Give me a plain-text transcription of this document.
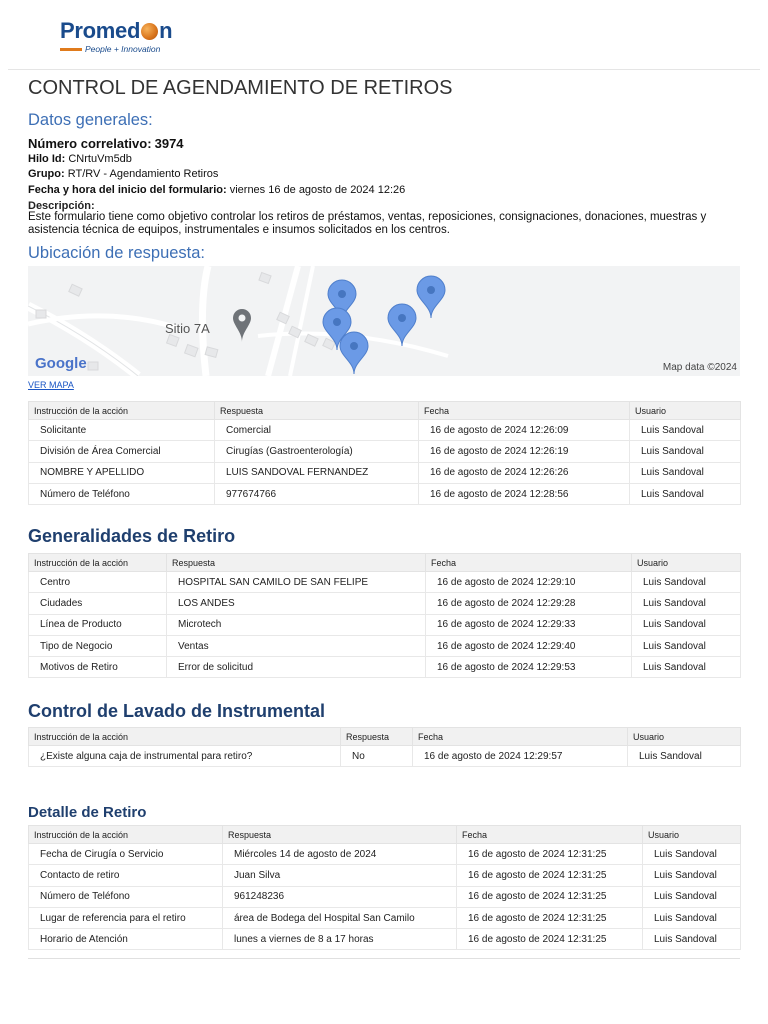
Promed n
People + Innovation
CONTROL DE AGENDAMIENTO DE RETIROS
Datos generales:
Número correlativo: 3974
Hilo Id: CNrtuVm5db
Grupo: RT/RV - Agendamiento Retiros
Fecha y hora del inicio del formulario: viernes 16 de agosto de 2024 12:26
Descripción:
Este formulario tiene como objetivo controlar los retiros de préstamos, ventas, reposiciones, consignaciones, donaciones, muestras y asistencia técnica de equipos, instrumentales e insumos solicitados en los centros.
Ubicación de respuesta:
Sitio 7A
Google	Map data ©2024
VER MAPA
Instrucción de la acción	Respuesta	Fecha	Usuario
Solicitante	Comercial	16 de agosto de 2024 12:26:09	Luis Sandoval
División de Área Comercial	Cirugías (Gastroenterología)	16 de agosto de 2024 12:26:19	Luis Sandoval
NOMBRE Y APELLIDO	LUIS SANDOVAL FERNANDEZ	16 de agosto de 2024 12:26:26	Luis Sandoval
Número de Teléfono	977674766	16 de agosto de 2024 12:28:56	Luis Sandoval
Generalidades de Retiro
Instrucción de la acción	Respuesta	Fecha	Usuario
Centro	HOSPITAL SAN CAMILO DE SAN FELIPE	16 de agosto de 2024 12:29:10	Luis Sandoval
Ciudades	LOS ANDES	16 de agosto de 2024 12:29:28	Luis Sandoval
Línea de Producto	Microtech	16 de agosto de 2024 12:29:33	Luis Sandoval
Tipo de Negocio	Ventas	16 de agosto de 2024 12:29:40	Luis Sandoval
Motivos de Retiro	Error de solicitud	16 de agosto de 2024 12:29:53	Luis Sandoval
Control de Lavado de Instrumental
Instrucción de la acción	Respuesta	Fecha	Usuario
¿Existe alguna caja de instrumental para retiro?	No	16 de agosto de 2024 12:29:57	Luis Sandoval
Detalle de Retiro
Instrucción de la acción	Respuesta	Fecha	Usuario
Fecha de Cirugía o Servicio	Miércoles 14 de agosto de 2024	16 de agosto de 2024 12:31:25	Luis Sandoval
Contacto de retiro	Juan Silva	16 de agosto de 2024 12:31:25	Luis Sandoval
Número de Teléfono	961248236	16 de agosto de 2024 12:31:25	Luis Sandoval
Lugar de referencia para el retiro	área de Bodega del Hospital San Camilo	16 de agosto de 2024 12:31:25	Luis Sandoval
Horario de Atención	lunes a viernes de 8 a 17 horas	16 de agosto de 2024 12:31:25	Luis Sandoval
